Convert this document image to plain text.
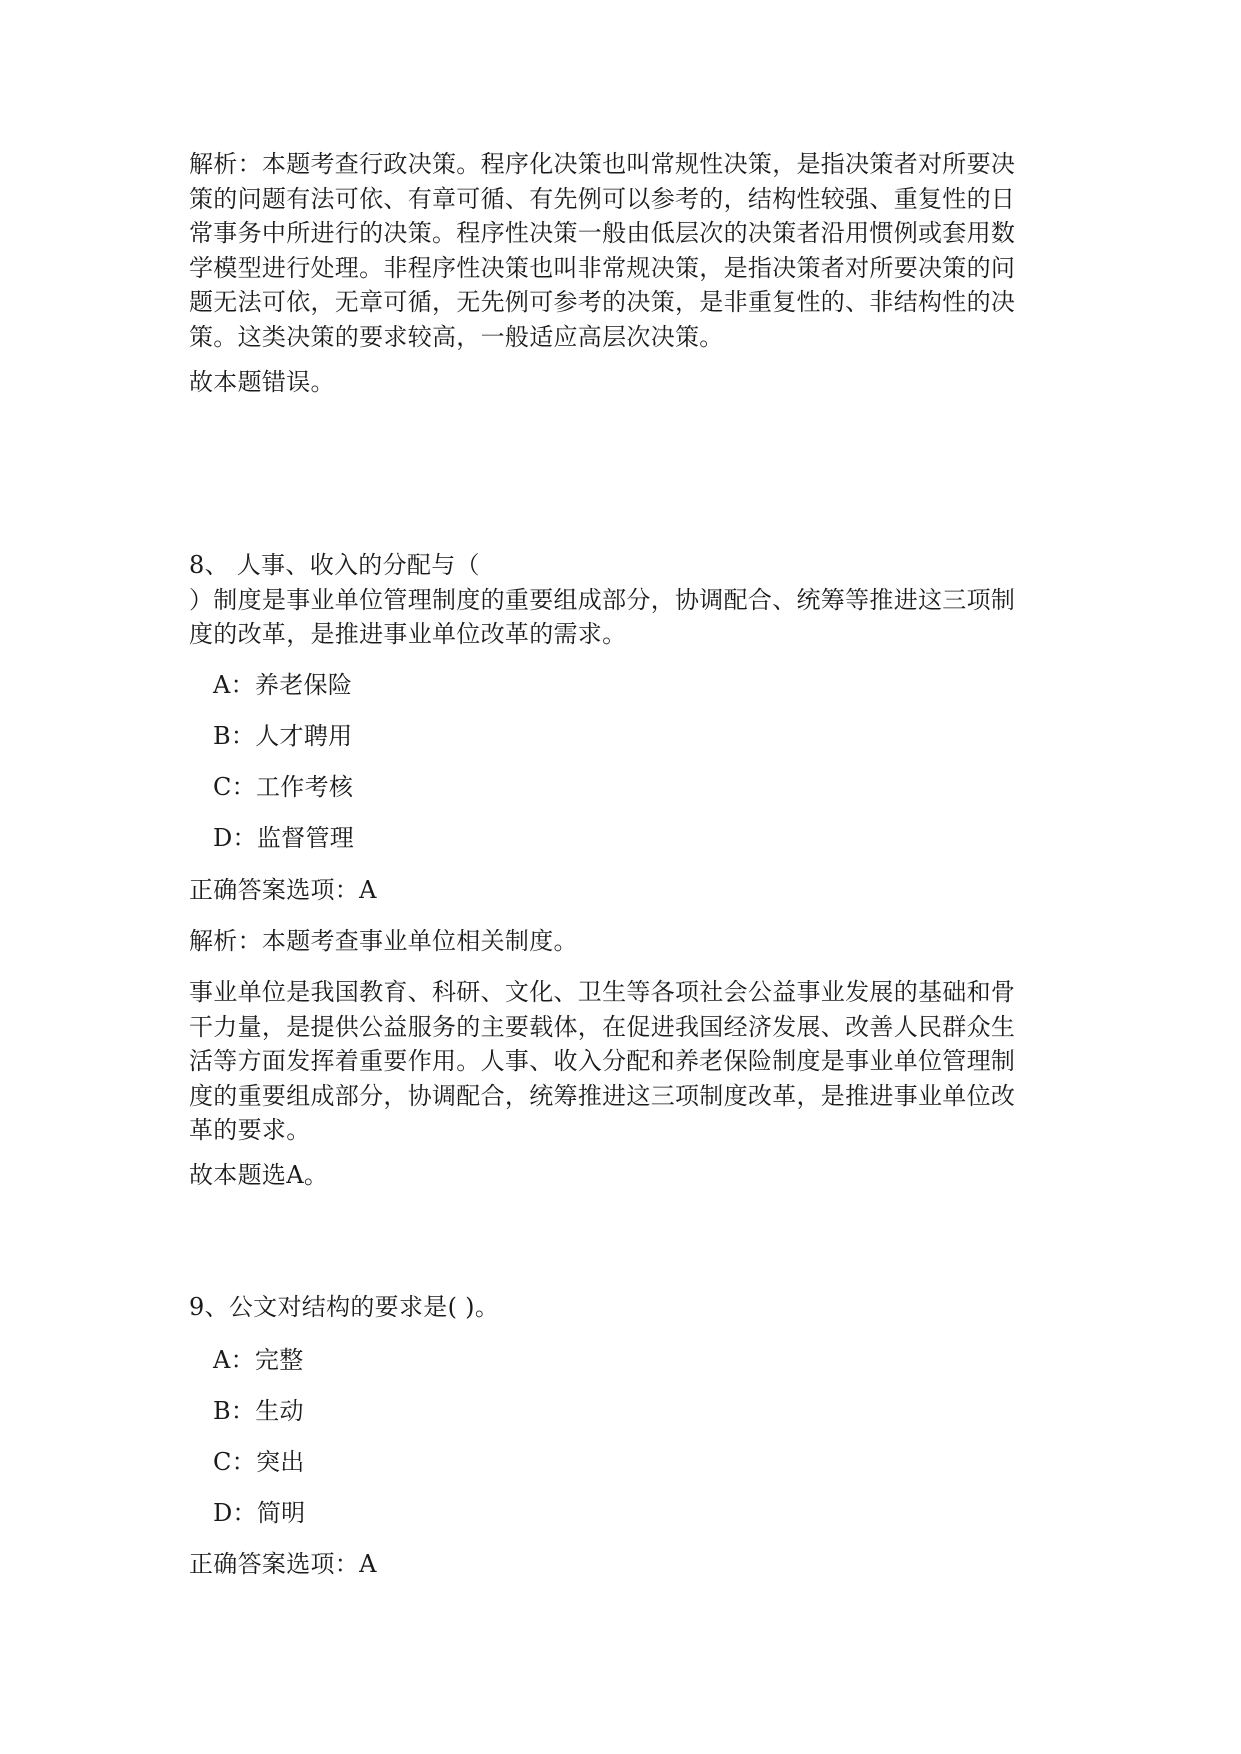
解析：本题考查行政决策。程序化决策也叫常规性决策，是指决策者对所要决
策的问题有法可依、有章可循、有先例可以参考的，结构性较强、重复性的日
常事务中所进行的决策。程序性决策一般由低层次的决策者沿用惯例或套用数
学模型进行处理。非程序性决策也叫非常规决策，是指决策者对所要决策的问
题无法可依，无章可循，无先例可参考的决策，是非重复性的、非结构性的决
策。这类决策的要求较高，一般适应高层次决策。

故本题错误。

8、 人事、收入的分配与（
）制度是事业单位管理制度的重要组成部分，协调配合、统筹等推进这三项制
度的改革，是推进事业单位改革的需求。

A：养老保险

B：人才聘用

C：工作考核

D：监督管理

正确答案选项：A

解析：本题考查事业单位相关制度。

事业单位是我国教育、科研、文化、卫生等各项社会公益事业发展的基础和骨
干力量，是提供公益服务的主要载体，在促进我国经济发展、改善人民群众生
活等方面发挥着重要作用。人事、收入分配和养老保险制度是事业单位管理制
度的重要组成部分，协调配合，统筹推进这三项制度改革，是推进事业单位改
革的要求。

故本题选A。

9、公文对结构的要求是( )。

A：完整

B：生动

C：突出

D：简明

正确答案选项：A
